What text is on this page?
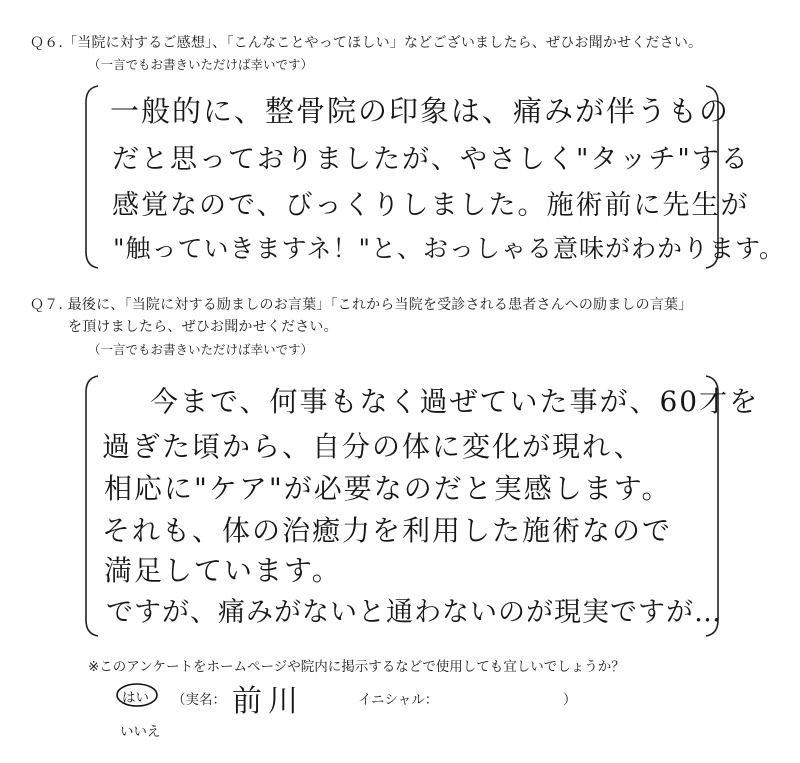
Ｑ６.「当院に対するご感想」、「こんなことやってほしい」などございましたら、ぜひお聞かせください。
（一言でもお書きいただけば幸いです）
一般的に、整骨院の印象は、痛みが伴うもの
だと思っておりましたが、やさしく"タッチ"する
感覚なので、びっくりしました。施術前に先生が
"触っていきますネ！"と、おっしゃる意味がわかります。
Ｑ７. 最後に、「当院に対する励ましのお言葉」「これから当院を受診される患者さんへの励ましの言葉」
を頂けましたら、ぜひお聞かせください。
（一言でもお書きいただけば幸いです）
今まで、何事もなく過ぜていた事が、60才を
過ぎた頃から、自分の体に変化が現れ、
相応に"ケア"が必要なのだと実感します。
それも、体の治癒力を利用した施術なので
満足しています。
ですが、痛みがないと通わないのが現実ですが…
※このアンケートをホームページや院内に掲示するなどで使用しても宜しいでしょうか？
はい （実名： 前川	イニシャル：	）
いいえ
